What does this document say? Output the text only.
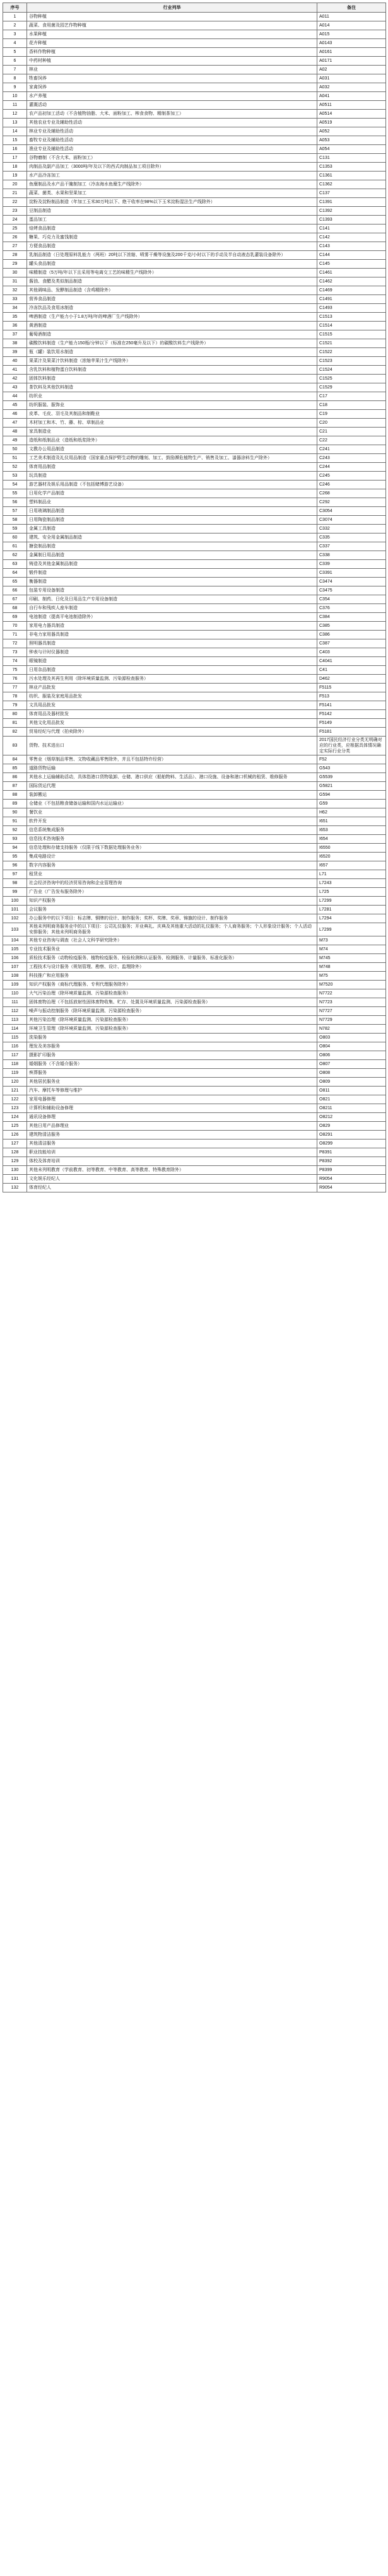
序号	行业列举	备注
1	谷物种植	A011
2	蔬菜、食用菌及园艺作物种植	A014
3	水果种植	A015
4	花卉种植	A0143
5	香料作物种植	A0161
6	中药材种植	A0171
7	林业	A02
8	牲畜饲养	A031
9	家禽饲养	A032
10	水产养殖	A041
11	灌溉活动	A0511
12	农产品初加工活动（不含植物油脂、大米、面粉加工、榨食食物、精制茶加工）	A0514
13	其他农业专业及辅助性活动	A0519
14	林业专业及辅助性活动	A052
15	畜牧专业及辅助性活动	A053
16	渔业专业及辅助性活动	A054
17	谷物磨制（不含大米、面粉加工）	C131
18	肉制品及副产品加工（3000吨/年及以下的西式肉制品加工项目除外）	C1353
19	水产品冷冻加工	C1361
20	鱼糜制品及水产品干腌制加工（冷冻海水鱼糜生产线除外）	C1362
21	蔬菜、菌类、水果和坚果加工	C137
22	淀粉及淀粉制品制造（年加工玉米30万吨以下、绝干收率在98%以下玉米淀粉湿法生产线除外）	C1391
23	豆制品制造	C1392
24	蛋品加工	C1393
25	焙烤食品制造	C141
26	糖果、巧克力及蜜饯制造	C142
27	方便食品制造	C143
28	乳制品制造（日处理原料乳能力（两班）20吨以下浓缩、喷雾干燥等设施及200千克/小时以下的手动及半自动液态乳灌装设备除外）	C144
29	罐头食品制造	C145
30	味精制造（5万吨/年以下且采用等电离交工艺的味精生产线除外）	C1461
31	酱油、食醋及类似制品制造	C1462
32	其他调味品、发酵制品制造（含鸡精除外）	C1469
33	营养食品制造	C1491
34	冷冻饮品及食用冰制造	C1493
35	啤酒制造（生产能力小于1.8万吨/年的啤酒厂生产线除外）	C1513
36	黄酒制造	C1514
37	葡萄酒制造	C1515
38	碳酸饮料制造（生产能力150瓶/分钟以下（标准在250毫升及以下）的碳酸饮料生产线除外）	C1521
39	瓶（罐）装饮用水制造	C1522
40	果菜汁及果菜汁饮料制造（浓缩苹果汁生产线除外）	C1523
41	含乳饮料和植物蛋白饮料制造	C1524
42	固体饮料制造	C1525
43	茶饮料及其他饮料制造	C1529
44	纺织业	C17
45	纺织服装、服饰业	C18
46	皮革、毛皮、羽毛及其制品和制鞋业	C19
47	木材加工和木、竹、藤、棕、草制品业	C20
48	家具制造业	C21
49	造纸和纸制品业（造纸和纸浆除外）	C22
50	文教办公用品制造	C241
51	工艺美术制造及礼仪用品制造（国家重点保护野生动物的雕刻、加工、鼓励濒危植物生产、销售及加工、漆器涂料生产除外）	C243
52	体育用品制造	C244
53	玩具制造	C245
54	游艺器材及娱乐用品制造（不包括赌博游艺设备）	C246
55	日用化学产品制造	C268
56	塑料制品业	C292
57	日用玻璃制品制造	C3054
58	日用陶瓷制品制造	C3074
59	金属工具制造	C332
60	建筑、安全用金属制品制造	C335
61	搪瓷制品制造	C337
62	金属制日用品制造	C338
63	铸造及其他金属制品制造	C339
64	锻件制造	C3391
65	衡器制造	C3474
66	包装专用设备制造	C3475
67	印刷、制药、日化及日用品生产专用设备制造	C354
68	自行车和残疾人座车制造	C376
69	电池制造（提高平电池制造除外）	C384
70	家用电力器具制造	C385
71	非电力家用器具制造	C386
72	照明器具制造	C387
73	钟表与计时仪器制造	C403
74	眼镜制造	C4041
75	日用杂品制造	C41
76	污水处理及其再生利用（除环境质量监测、污染源检查服务）	D462
77	林业产品批发	F5115
78	纺织、服装及家庭用品批发	F513
79	文具用品批发	F5141
80	体育用品及器材批发	F5142
81	其他文化用品批发	F5149
82	贸易经纪与代理（拍卖除外）	F5181
83	货物、技术进出口	2017国民经济行业分类无明确对应的行业类，应根据具体情况确定实际行业分类
84	零售业（烟草制品零售、文物收藏品零售除外，并且不包括特许经营）	F52
85	道路货物运输	G543
86	其他水上运输辅助活动，具体指港口货物装卸、仓储、港口供应（船舶物料、生活品）、港口设施、设备和港口机械的租赁、维修服务	G5539
87	国际货运代理	G5821
88	装卸搬运	G594
89	仓储业（不包括粮食储备运输和国内水运运输业）	G59
90	餐饮业	H62
91	软件开发	I651
92	信息系统集成服务	I653
93	信息技术咨询服务	I654
94	信息处理和存储支持服务（仅限于线下数据处理服务业务）	I6550
95	集成电路设计	I6520
96	数字内容服务	I657
97	租赁业	L71
98	社会经济咨询中的经济贸易咨询和企业管理咨询	L7243
99	广告业（广告发布服务除外）	L725
100	知识产权服务	L7299
101	会议服务	L7281
102	办公服务中的以下项目：标志牌、铜牌的设计、制作服务；奖杯、奖牌、奖章、锦旗的设计、制作服务	L7294
103	其他未列明商务服务业中的以下项目：公司礼仪服务；开业典礼、庆典及其他重大活动的礼仪服务；个人商务服务；个人形象设计服务；个人活动安排服务；其他未列明商务服务	L7299
104	其他专业咨询与调查（社会人文科学研究除外）	M73
105	专业技术服务业	M74
106	质检技术服务（动物检疫服务、植物检疫服务、检验检测和认证服务、检测服务、计量服务、标准化服务）	M745
107	工程技术与设计服务（规划管理、勘察、设计、监理除外）	M748
108	科技推广和应用服务	M75
109	知识产权服务（商标代理服务、专利代理服务除外）	M7520
110	大气污染治理（除环境质量监测、污染源检查服务）	N7722
111	固体废物治理（不包括放射性固体废物收集、贮存、处置及环境质量监测、污染源检查服务）	N7723
112	噪声与振动控制服务（除环境质量监测、污染源检查服务）	N7727
113	其他污染治理（除环境质量监测、污染源检查服务）	N7729
114	环境卫生管理（除环境质量监测、污染源检查服务）	N782
115	洗染服务	O803
116	理发及美容服务	O804
117	摄影扩印服务	O806
118	婚姻服务（不含婚介服务）	O807
119	殡葬服务	O808
120	其他居民服务业	O809
121	汽车、摩托车等修理与维护	O811
122	家用电器修理	O821
123	计算机和辅助设备修理	O8211
124	通讯设备修理	O8212
125	其他日用产品修理业	O829
126	建筑物清洁服务	O8291
127	其他清洁服务	O8299
128	职业技能培训	P8391
129	体校及体育培训	P8392
130	其他未列明教育（学前教育、初等教育、中等教育、高等教育、特殊教育除外）	P8399
131	文化娱乐经纪人	R9054
132	体育经纪人	R9054
